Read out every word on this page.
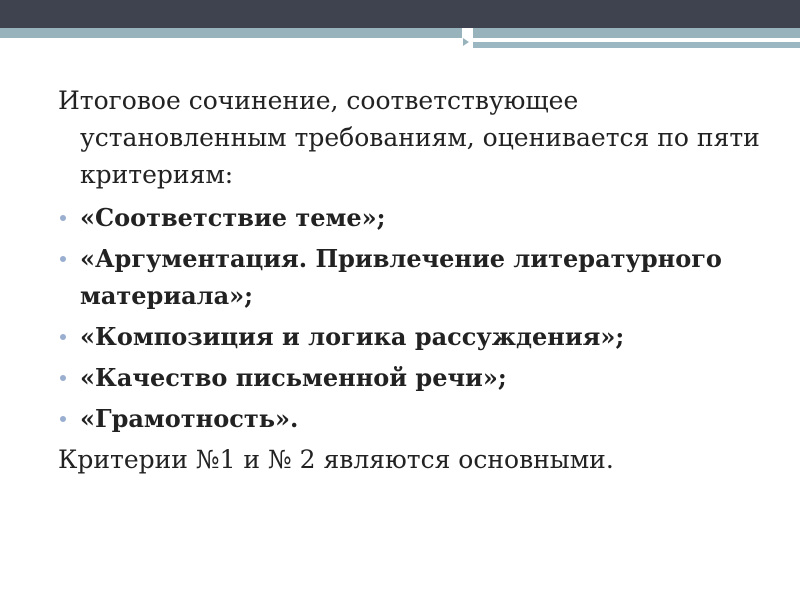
Итоговое сочинение, соответствующее установленным требованиям, оценивается по пяти критериям:

«Соответствие теме»;
«Аргументация. Привлечение литературного материала»;
«Композиция и логика рассуждения»;
«Качество письменной речи»;
«Грамотность».

Критерии №1 и № 2 являются основными.
